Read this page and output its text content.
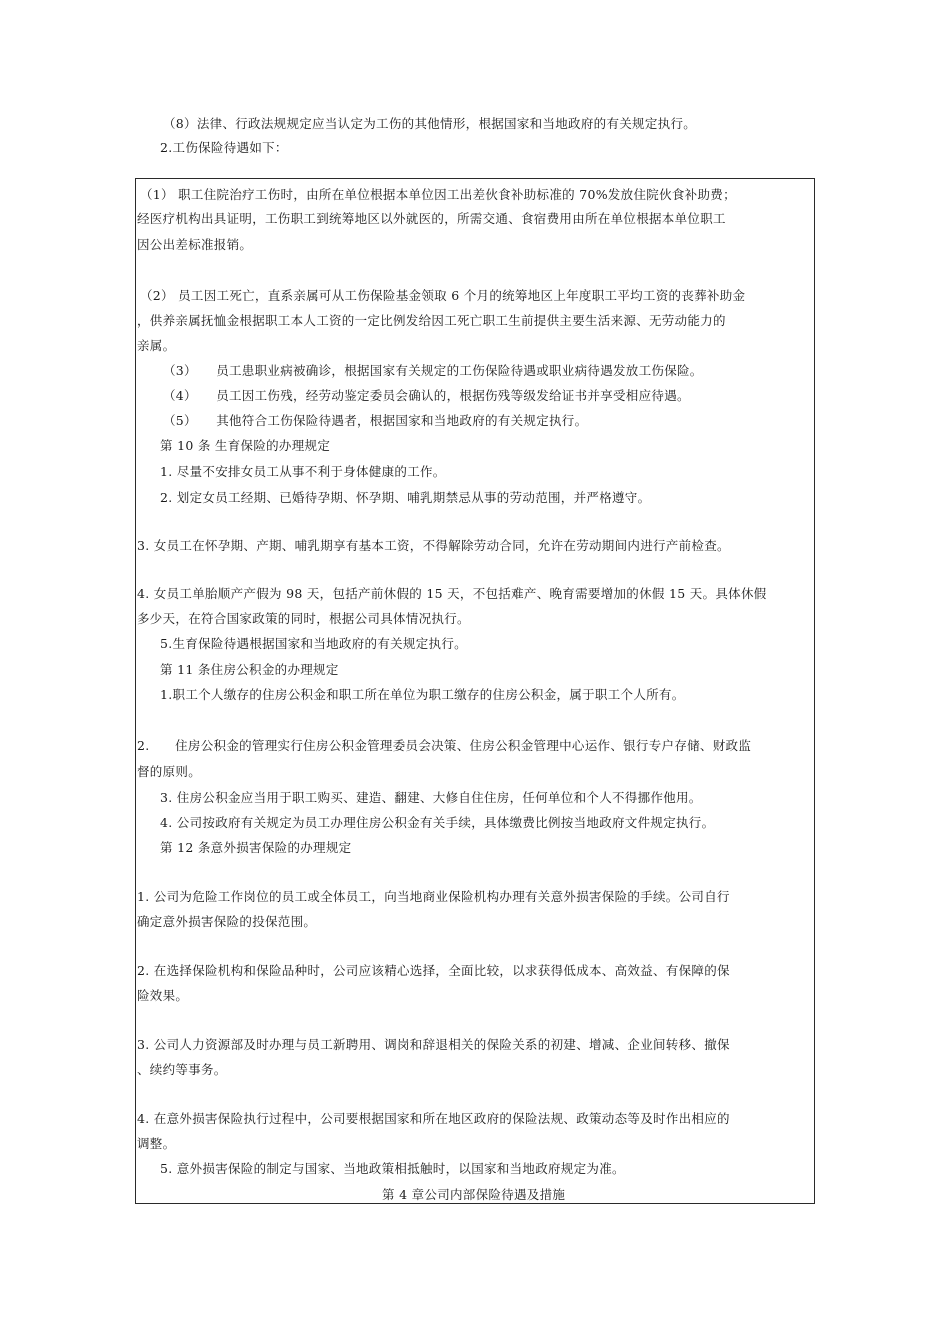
（8）法律、行政法规规定应当认定为工伤的其他情形，根据国家和当地政府的有关规定执行。
2.工伤保险待遇如下：
（1） 职工住院治疗工伤时，由所在单位根据本单位因工出差伙食补助标准的 70%发放住院伙食补助费；
经医疗机构出具证明，工伤职工到统筹地区以外就医的，所需交通、食宿费用由所在单位根据本单位职工
因公出差标准报销。
（2） 员工因工死亡，直系亲属可从工伤保险基金领取 6 个月的统筹地区上年度职工平均工资的丧葬补助金
，供养亲属抚恤金根据职工本人工资的一定比例发给因工死亡职工生前提供主要生活来源、无劳动能力的
亲属。
（3）　　员工患职业病被确诊，根据国家有关规定的工伤保险待遇或职业病待遇发放工伤保险。
（4）　　员工因工伤残，经劳动鉴定委员会确认的，根据伤残等级发给证书并享受相应待遇。
（5）　　其他符合工伤保险待遇者，根据国家和当地政府的有关规定执行。
第 10 条 生育保险的办理规定
1. 尽量不安排女员工从事不利于身体健康的工作。
2. 划定女员工经期、已婚待孕期、怀孕期、哺乳期禁忌从事的劳动范围，并严格遵守。
3. 女员工在怀孕期、产期、哺乳期享有基本工资，不得解除劳动合同，允许在劳动期间内进行产前检查。
4. 女员工单胎顺产产假为 98 天，包括产前休假的 15 天，不包括难产、晚育需要增加的休假 15 天。具体休假
多少天，在符合国家政策的同时，根据公司具体情况执行。
5.生育保险待遇根据国家和当地政府的有关规定执行。
第 11 条住房公积金的办理规定
1.职工个人缴存的住房公积金和职工所在单位为职工缴存的住房公积金，属于职工个人所有。
2.　　住房公积金的管理实行住房公积金管理委员会决策、住房公积金管理中心运作、银行专户存储、财政监
督的原则。
3. 住房公积金应当用于职工购买、建造、翻建、大修自住住房，任何单位和个人不得挪作他用。
4. 公司按政府有关规定为员工办理住房公积金有关手续，具体缴费比例按当地政府文件规定执行。
第 12 条意外损害保险的办理规定
1. 公司为危险工作岗位的员工或全体员工，向当地商业保险机构办理有关意外损害保险的手续。公司自行
确定意外损害保险的投保范围。
2. 在选择保险机构和保险品种时，公司应该精心选择，全面比较，以求获得低成本、高效益、有保障的保
险效果。
3. 公司人力资源部及时办理与员工新聘用、调岗和辞退相关的保险关系的初建、增减、企业间转移、撤保
、续约等事务。
4. 在意外损害保险执行过程中，公司要根据国家和所在地区政府的保险法规、政策动态等及时作出相应的
调整。
5. 意外损害保险的制定与国家、当地政策相抵触时，以国家和当地政府规定为准。
第 4 章公司内部保险待遇及措施
